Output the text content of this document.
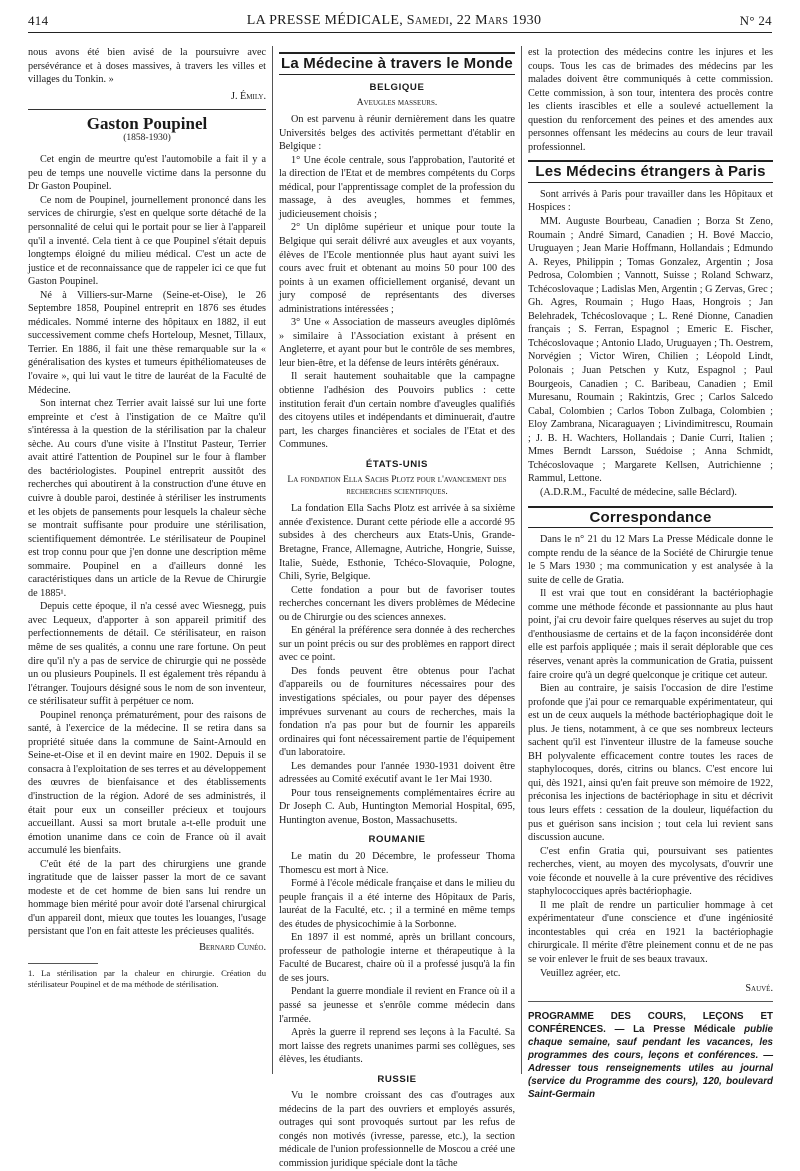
414	LA PRESSE MÉDICALE, Samedi, 22 Mars 1930	N° 24

nous avons été bien avisé de la poursuivre avec persévérance et à doses massives, à travers les villes et villages du Tonkin. »

J. Émily.

Gaston Poupinel
(1858-1930)

Cet engin de meurtre qu'est l'automobile a fait il y a peu de temps une nouvelle victime dans la personne du Dr Gaston Poupinel.

Ce nom de Poupinel, journellement prononcé dans les services de chirurgie, s'est en quelque sorte détaché de la personnalité de celui qui le portait pour se lier à l'appareil qu'il a inventé. Cela tient à ce que Poupinel s'était depuis longtemps éloigné du milieu médical. C'est un acte de justice et de reconnaissance que de rappeler ici ce que fut Gaston Poupinel.

Né à Villiers-sur-Marne (Seine-et-Oise), le 26 Septembre 1858, Poupinel entreprit en 1876 ses études médicales. Nommé interne des hôpitaux en 1882, il eut successivement comme chefs Horteloup, Mesnet, Tillaux, Terrier. En 1886, il fait une thèse remarquable sur la « généralisation des kystes et tumeurs épithéliomateuses de l'ovaire », qui lui vaut le titre de lauréat de la Faculté de Médecine.

Son internat chez Terrier avait laissé sur lui une forte empreinte et c'est à l'instigation de ce Maître qu'il s'intéressa à la question de la stérilisation par la chaleur sèche. Au cours d'une visite à l'Institut Pasteur, Terrier avait attiré l'attention de Poupinel sur le four à flamber des bactériologistes. Poupinel entreprit aussitôt des recherches qui aboutirent à la construction d'une étuve en cuivre à double paroi, destinée à stériliser les instruments et les objets de pansements pour lesquels la chaleur sèche se montrait suffisante pour produire une stérilisation, scientifiquement démontrée. Le stérilisateur de Poupinel est trop connu pour que j'en donne une description même sommaire. Poupinel en a d'ailleurs donné les caractéristiques dans un article de la Revue de Chirurgie de 1885¹.

Depuis cette époque, il n'a cessé avec Wiesnegg, puis avec Lequeux, d'apporter à son appareil primitif des perfectionnements de détail. Ce stérilisateur, en raison même de ses qualités, a connu une rare fortune. On peut dire qu'il n'y a pas de service de chirurgie qui ne possède un ou plusieurs Poupinels. Il est également très répandu à l'étranger. Toujours désigné sous le nom de son inventeur, ce stérilisateur suffit à perpétuer ce nom.

Poupinel renonça prématurément, pour des raisons de santé, à l'exercice de la médecine. Il se retira dans sa propriété située dans la commune de Saint-Arnould en Seine-et-Oise et il en devint maire en 1902. Depuis il se consacra à l'exploitation de ses terres et au développement des œuvres de bienfaisance et des établissements d'instruction de la région. Adoré de ses administrés, il était pour eux un conseiller précieux et toujours accueillant. Aussi sa mort brutale a-t-elle produit une émotion unanime dans ce coin de France où il avait accumulé les bienfaits.

C'eût été de la part des chirurgiens une grande ingratitude que de laisser passer la mort de ce savant modeste et de cet homme de bien sans lui rendre un hommage bien mérité pour avoir doté l'arsenal chirurgical d'un appareil dont, mieux que toutes les louanges, l'usage persistant que l'on en fait atteste les précieuses qualités.

Bernard Cunéo.

1. La stérilisation par la chaleur en chirurgie. Création du stérilisateur Poupinel et de ma méthode de stérilisation.

La Médecine à travers le Monde
BELGIQUE
Aveugles masseurs.

On est parvenu à réunir dernièrement dans les quatre Universités belges des activités permettant d'établir en Belgique :

1° Une école centrale, sous l'approbation, l'autorité et la direction de l'Etat et de membres compétents du Corps médical, pour l'apprentissage complet de la profession du massage, à des aveugles, hommes et femmes, judicieusement choisis ;

2° Un diplôme supérieur et unique pour toute la Belgique qui serait délivré aux aveugles et aux voyants, élèves de l'Ecole mentionnée plus haut ayant suivi les cours avec fruit et obtenant au moins 50 pour 100 des points à un examen officiellement organisé, devant un jury composé de représentants des diverses administrations intéressées ;

3° Une « Association de masseurs aveugles diplômés » similaire à l'Association existant à présent en Angleterre, et ayant pour but le contrôle de ses membres, leur bien-être, et la défense de leurs intérêts généraux.

Il serait hautement souhaitable que la campagne obtienne l'adhésion des Pouvoirs publics : cette institution ferait d'un certain nombre d'aveugles qualifiés des citoyens utiles et indépendants et diminuerait, d'autre part, les charges financières et sociales de l'Etat et des Communes.

ÉTATS-UNIS
La fondation Ella Sachs Plotz pour l'avancement des recherches scientifiques.

La fondation Ella Sachs Plotz est arrivée à sa sixième année d'existence. Durant cette période elle a accordé 95 subsides à des chercheurs aux Etats-Unis, Grande-Bretagne, France, Allemagne, Autriche, Hongrie, Suisse, Italie, Suède, Esthonie, Tchéco-Slovaquie, Pologne, Chili, Syrie, Belgique.

Cette fondation a pour but de favoriser toutes recherches concernant les divers problèmes de Médecine ou de Chirurgie ou des sciences annexes.

En général la préférence sera donnée à des recherches sur un point précis ou sur des problèmes en rapport direct avec ce point.

Des fonds peuvent être obtenus pour l'achat d'appareils ou de fournitures nécessaires pour des investigations spéciales, ou pour payer des dépenses imprévues survenant au cours de recherches, mais la fondation n'a pas pour but de fournir les appareils ordinaires qui font nécessairement partie de l'équipement d'un laboratoire.

Les demandes pour l'année 1930-1931 doivent être adressées au Comité exécutif avant le 1er Mai 1930.

Pour tous renseignements complémentaires écrire au Dr Joseph C. Aub, Huntington Memorial Hospital, 695, Huntington avenue, Boston, Massachusetts.

ROUMANIE

Le matin du 20 Décembre, le professeur Thoma Thomescu est mort à Nice.

Formé à l'école médicale française et dans le milieu du peuple français il a été interne des Hôpitaux de Paris, lauréat de la Faculté, etc. ; il a terminé en même temps des études de physicochimie à la Sorbonne.

En 1897 il est nommé, après un brillant concours, professeur de pathologie interne et thérapeutique à la Faculté de Bucarest, chaire où il a professé jusqu'à la fin de ses jours.

Pendant la guerre mondiale il revient en France où il a passé sa jeunesse et s'enrôle comme médecin dans l'armée.

Après la guerre il reprend ses leçons à la Faculté. Sa mort laisse des regrets unanimes parmi ses collègues, ses élèves, les étudiants.

RUSSIE

Vu le nombre croissant des cas d'outrages aux médecins de la part des ouvriers et employés assurés, outrages qui sont provoqués surtout par les refus de congés non motivés (ivresse, paresse, etc.), la section médicale de l'union professionnelle de Moscou a créé une commission juridique spéciale dont la tâche

est la protection des médecins contre les injures et les coups. Tous les cas de brimades des médecins par les malades doivent être communiqués à cette commission. Cette commission, à son tour, intentera des procès contre les clients irascibles et elle a soulevé actuellement la question du renforcement des peines et des amendes aux personnes offensant les médecins au cours de leur travail professionnel.

Les Médecins étrangers à Paris

Sont arrivés à Paris pour travailler dans les Hôpitaux et Hospices :

MM. Auguste Bourbeau, Canadien ; Borza St Zeno, Roumain ; André Simard, Canadien ; H. Bové Maccio, Uruguayen ; Jean Marie Hoffmann, Hollandais ; Edmundo A. Reyes, Philippin ; Tomas Gonzalez, Argentin ; Josa Pedrosa, Colombien ; Vannott, Suisse ; Roland Schwarz, Tchécoslovaque ; Ladislas Men, Argentin ; G Zervas, Grec ; Gh. Agres, Roumain ; Hugo Haas, Hongrois ; Jan Belehradek, Tchécoslovaque ; L. René Dionne, Canadien français ; S. Ferran, Espagnol ; Emeric E. Fischer, Tchécoslovaque ; Antonio Llado, Uruguayen ; Th. Oestrem, Norvégien ; Victor Wiren, Chilien ; Léopold Lindt, Polonais ; Juan Petschen y Kutz, Espagnol ; Paul Bourgeois, Canadien ; C. Baribeau, Canadien ; Emil Muresanu, Roumain ; Rakintzis, Grec ; Carlos Salcedo Cabal, Colombien ; Carlos Tobon Zulbaga, Colombien ; Eloy Zambrana, Nicaraguayen ; Livindimitrescu, Roumain ; J. B. H. Wachters, Hollandais ; Danie Curri, Italien ; Mmes Berndt Larsson, Suédoise ; Anna Schmidt, Tchécoslovaque ; Margarete Kellsen, Autrichienne ; Rammul, Lettone.

(A.D.R.M., Faculté de médecine, salle Béclard).

Correspondance

Dans le n° 21 du 12 Mars La Presse Médicale donne le compte rendu de la séance de la Société de Chirurgie tenue le 5 Mars 1930 ; ma communication y est analysée à la suite de celle de Gratia.

Il est vrai que tout en considérant la bactériophagie comme une méthode féconde et passionnante au plus haut point, j'ai cru devoir faire quelques réserves au sujet du trop d'enthousiasme de certains et de la façon inconsidérée dont elle est parfois appliquée ; mais il serait déplorable que ces réserves, venant après la communication de Gratia, puissent faire croire qu'à un degré quelconque je critique cet auteur.

Bien au contraire, je saisis l'occasion de dire l'estime profonde que j'ai pour ce remarquable expérimentateur, qui est un de ceux auquels la méthode bactériophagique doit le plus. Je tiens, notamment, à ce que ses nombreux lecteurs sachent qu'il est l'inventeur illustre de la fameuse souche BH polyvalente efficacement contre toutes les races de staphylocoques, dorés, citrins ou blancs. C'est encore lui qui, dès 1921, ainsi qu'en fait preuve son mémoire de 1922, préconisa les injections de bactériophage in situ et décrivit tous leurs effets : cessation de la douleur, liquéfaction du pus et guérison sans incision ; tout cela lui revient sans discussion aucune.

C'est enfin Gratia qui, poursuivant ses patientes recherches, vient, au moyen des mycolysats, d'ouvrir une voie féconde et nouvelle à la cure préventive des récidives staphylococciques après bactériophagie.

Il me plaît de rendre un particulier hommage à cet expérimentateur d'une conscience et d'une ingéniosité incontestables qui créa en 1921 la bactériophagie chirurgicale. Il mérite d'être pleinement connu et de ne pas se voir enlever le fruit de ses beaux travaux.

Veuillez agréer, etc.

Sauvé.

PROGRAMME DES COURS, LEÇONS ET CONFÉRENCES. — La Presse Médicale publie chaque semaine, sauf pendant les vacances, les programmes des cours, leçons et conférences. — Adresser tous renseignements utiles au journal (service du Programme des cours), 120, boulevard Saint-Germain
